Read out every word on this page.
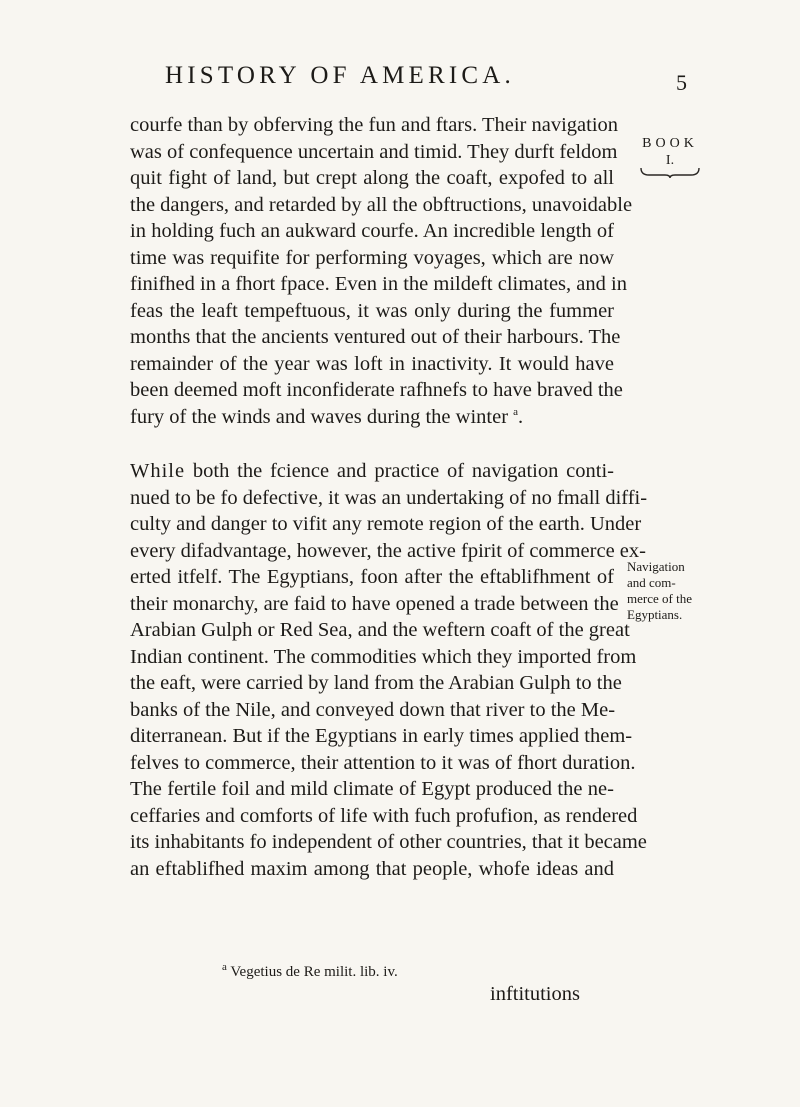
HISTORY OF AMERICA.	5
BOOK
I.

courfe than by obferving the fun and ftars. Their navigation
was of confequence uncertain and timid. They durft feldom
quit fight of land, but crept along the coaft, expofed to all
the dangers, and retarded by all the obftructions, unavoidable
in holding fuch an aukward courfe. An incredible length of
time was requifite for performing voyages, which are now
finifhed in a fhort fpace. Even in the mildeft climates, and in
feas the leaft tempeftuous, it was only during the fummer
months that the ancients ventured out of their harbours. The
remainder of the year was loft in inactivity. It would have
been deemed moft inconfiderate rafhnefs to have braved the
fury of the winds and waves during the winter $^a$.

While both the fcience and practice of navigation conti-
nued to be fo defective, it was an undertaking of no fmall diffi-
culty and danger to vifit any remote region of the earth. Under
every difadvantage, however, the active fpirit of commerce ex-
erted itfelf. The Egyptians, foon after the eftablifhment of
their monarchy, are faid to have opened a trade between the
Arabian Gulph or Red Sea, and the weftern coaft of the great
Indian continent. The commodities which they imported from
the eaft, were carried by land from the Arabian Gulph to the
banks of the Nile, and conveyed down that river to the Me-
diterranean. But if the Egyptians in early times applied them-
felves to commerce, their attention to it was of fhort duration.
The fertile foil and mild climate of Egypt produced the ne-
ceffaries and comforts of life with fuch profufion, as rendered
its inhabitants fo independent of other countries, that it became
an eftablifhed maxim among that people, whofe ideas and

Navigation
and com-
merce of the
Egyptians.
$^a$ Vegetius de Re milit. lib. iv.
inftitutions
